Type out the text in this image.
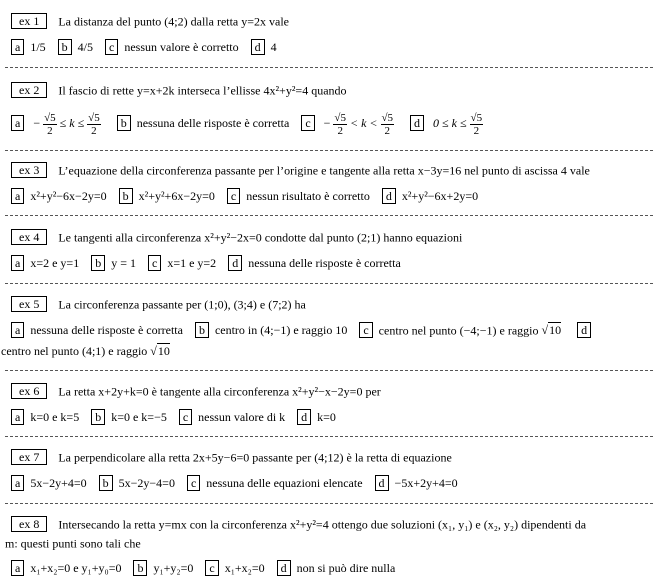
ex 1 La distanza del punto (4;2) dalla retta y=2x vale
a 1/5 b 4/5 c nessun valore è corretto d 4
ex 2 Il fascio di rette y=x+2k interseca l’ellisse 4x²+y²=4 quando
$a - \frac{√5}{2} \le k \le \frac{√5}{2}$ b nessuna delle risposte è corretta $c - \frac{√5}{2} < k < \frac{√5}{2}$ d $0 \le k \le \frac{√5}{2}$
ex 3 L’equazione della circonferenza passante per l’origine e tangente alla retta x−3y=16 nel punto di ascissa 4 vale
a x²+y²−6x−2y=0 b x²+y²+6x−2y=0 c nessun risultato è corretto d x²+y²−6x+2y=0
ex 4 Le tangenti alla circonferenza x²+y²−2x=0 condotte dal punto (2;1) hanno equazioni
a x=2 e y=1 b y = 1 c x=1 e y=2 d nessuna delle risposte è corretta
ex 5 La circonferenza passante per (1;0), (3;4) e (7;2) ha
a nessuna delle risposte è corretta b centro in (4;−1) e raggio 10 c centro nel punto (−4;−1) e raggio √10 d
centro nel punto (4;1) e raggio √10
ex 6 La retta x+2y+k=0 è tangente alla circonferenza x²+y²−x−2y=0 per
a k=0 e k=5 b k=0 e k=−5 c nessun valore di k d k=0
ex 7 La perpendicolare alla retta 2x+5y−6=0 passante per (4;12) è la retta di equazione
a 5x−2y+4=0 b 5x−2y−4=0 c nessuna delle equazioni elencate d −5x+2y+4=0
ex 8 Intersecando la retta y=mx con la circonferenza x²+y²=4 ottengo due soluzioni (x₁, y₁) e (x₂, y₂) dipendenti da
m: questi punti sono tali che
a x₁+x₂=0 e y₁+y₀=0 b y₁+y₂=0 c x₁+x₂=0 d non si può dire nulla
